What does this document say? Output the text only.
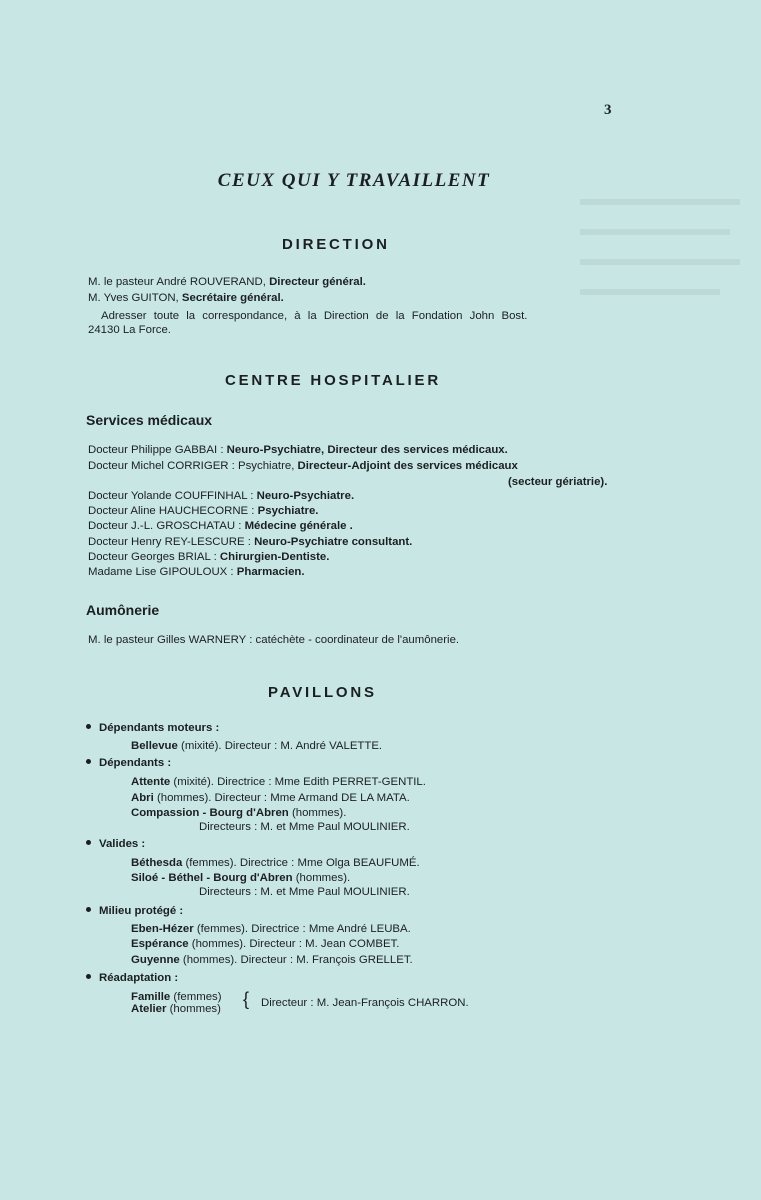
3
CEUX QUI Y TRAVAILLENT
DIRECTION
M. le pasteur André ROUVERAND, Directeur général.
M. Yves GUITON, Secrétaire général.
Adresser toute la correspondance, à la Direction de la Fondation John Bost.
24130 La Force.
CENTRE HOSPITALIER
Services médicaux
Docteur Philippe GABBAI : Neuro-Psychiatre, Directeur des services médicaux.
Docteur Michel CORRIGER : Psychiatre, Directeur-Adjoint des services médicaux
(secteur gériatrie).
Docteur Yolande COUFFINHAL : Neuro-Psychiatre.
Docteur Aline HAUCHECORNE : Psychiatre.
Docteur J.-L. GROSCHATAU : Médecine générale .
Docteur Henry REY-LESCURE : Neuro-Psychiatre consultant.
Docteur Georges BRIAL : Chirurgien-Dentiste.
Madame Lise GIPOULOUX : Pharmacien.
Aumônerie
M. le pasteur Gilles WARNERY : catéchète - coordinateur de l'aumônerie.
PAVILLONS
Dépendants moteurs :
Bellevue (mixité). Directeur : M. André VALETTE.
Dépendants :
Attente (mixité). Directrice : Mme Edith PERRET-GENTIL.
Abri (hommes). Directeur : Mme Armand DE LA MATA.
Compassion - Bourg d'Abren (hommes).
Directeurs : M. et Mme Paul MOULINIER.
Valides :
Béthesda (femmes). Directrice : Mme Olga BEAUFUMÉ.
Siloé - Béthel - Bourg d'Abren (hommes).
Directeurs : M. et Mme Paul MOULINIER.
Milieu protégé :
Eben-Hézer (femmes). Directrice : Mme André LEUBA.
Espérance (hommes). Directeur : M. Jean COMBET.
Guyenne (hommes). Directeur : M. François GRELLET.
Réadaptation :
Famille (femmes)
Atelier (hommes) { Directeur : M. Jean-François CHARRON.
